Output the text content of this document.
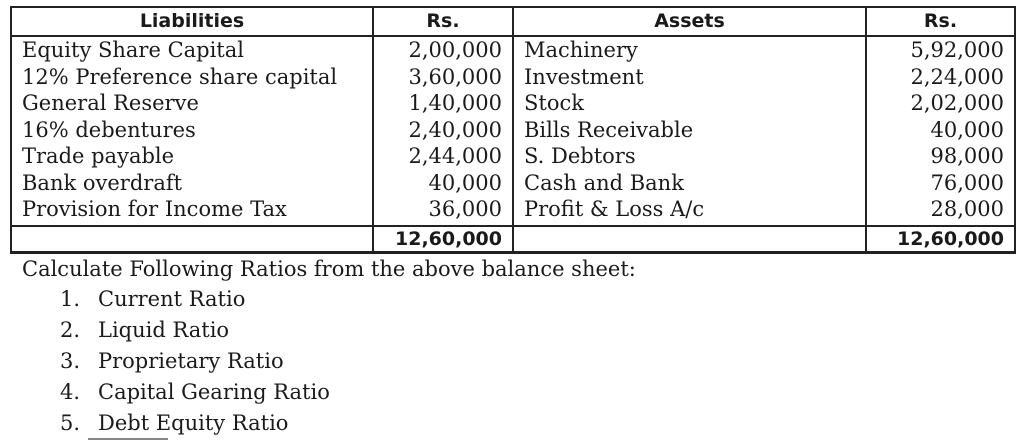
Liabilities	Rs.	Assets	Rs.
Equity Share Capital	2,00,000	Machinery	5,92,000
12% Preference share capital	3,60,000	Investment	2,24,000
General Reserve	1,40,000	Stock	2,02,000
16% debentures	2,40,000	Bills Receivable	40,000
Trade payable	2,44,000	S. Debtors	98,000
Bank overdraft	40,000	Cash and Bank	76,000
Provision for Income Tax	36,000	Profit & Loss A/c	28,000
	12,60,000		12,60,000
Calculate Following Ratios from the above balance sheet:
1. Current Ratio
2. Liquid Ratio
3. Proprietary Ratio
4. Capital Gearing Ratio
5. Debt Equity Ratio
